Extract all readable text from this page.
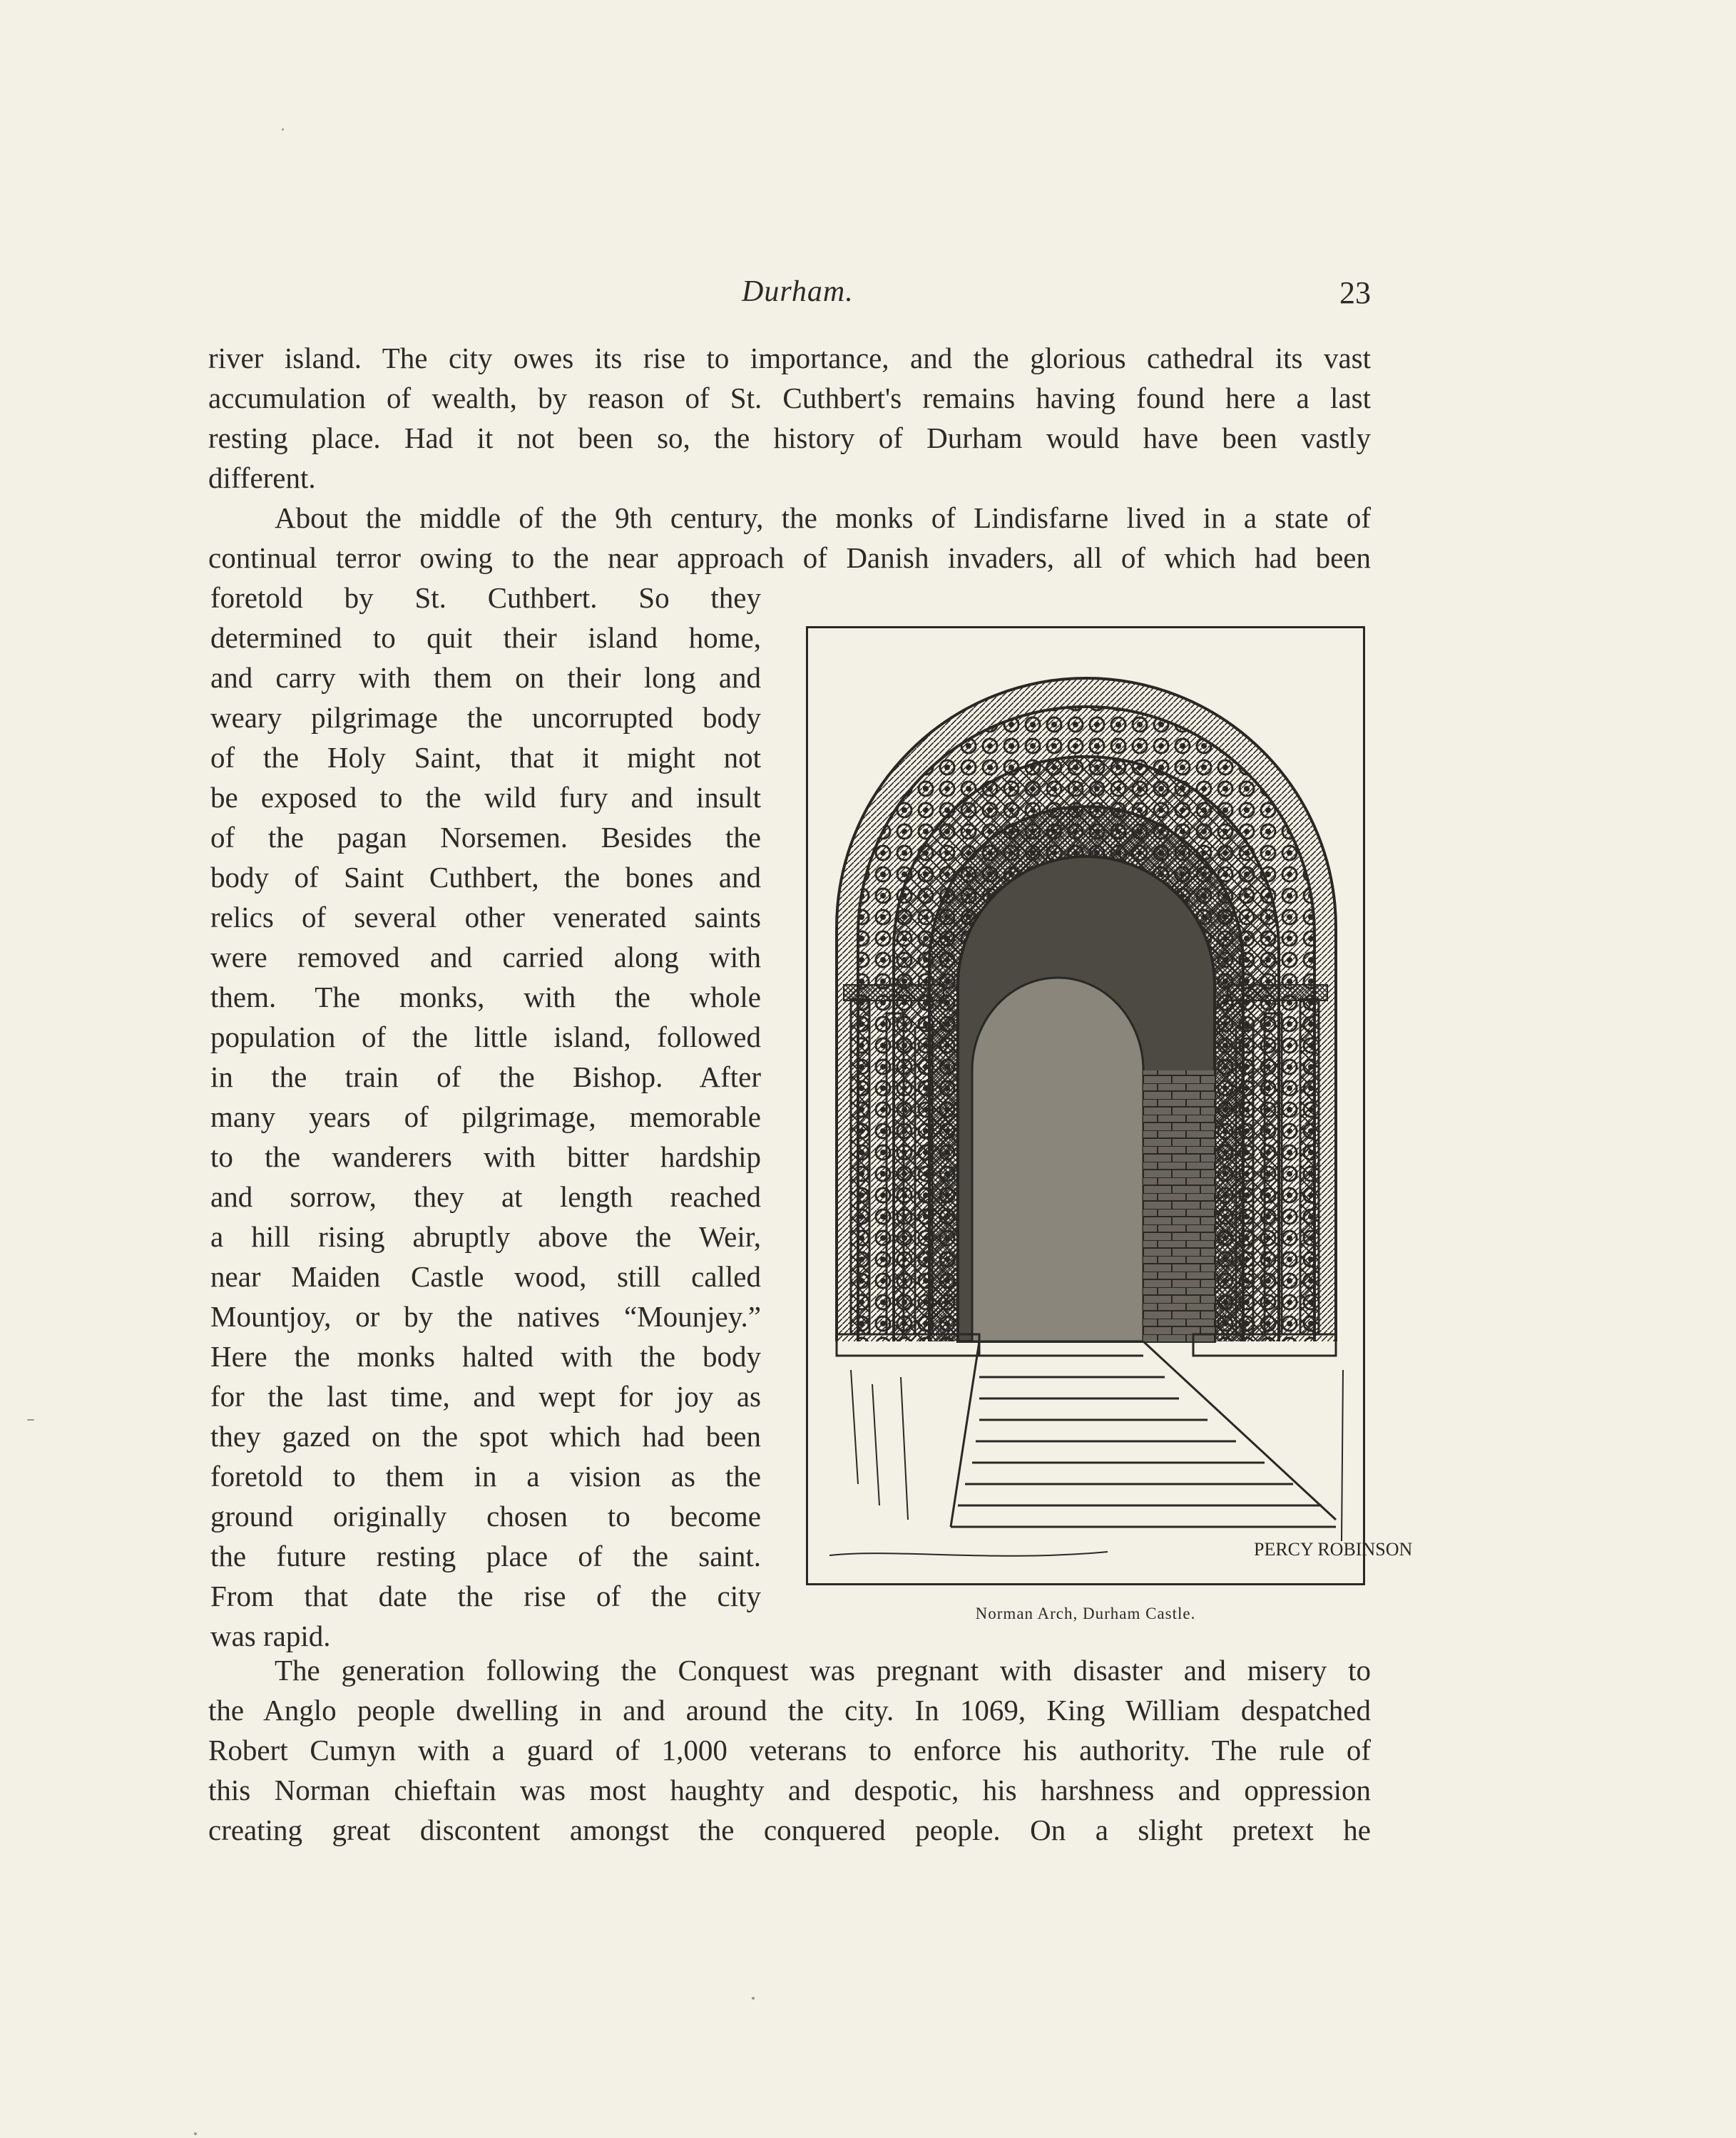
Durham.	23
river island. The city owes its rise to importance, and the glorious cathedral its vast
accumulation of wealth, by reason of St. Cuthbert's remains having found here a last
resting place. Had it not been so, the history of Durham would have been vastly
different.
About the middle of the 9th century, the monks of Lindisfarne lived in a state of
continual terror owing to the near approach of Danish invaders, all of which had been
foretold by St. Cuthbert. So they
determined to quit their island home,
and carry with them on their long and
weary pilgrimage the uncorrupted body
of the Holy Saint, that it might not
be exposed to the wild fury and insult
of the pagan Norsemen. Besides the
body of Saint Cuthbert, the bones and
relics of several other venerated saints
were removed and carried along with
them. The monks, with the whole
population of the little island, followed
in the train of the Bishop. After
many years of pilgrimage, memorable
to the wanderers with bitter hardship
and sorrow, they at length reached
a hill rising abruptly above the Weir,
near Maiden Castle wood, still called
Mountjoy, or by the natives “Mounjey.”
Here the monks halted with the body
for the last time, and wept for joy as
they gazed on the spot which had been
foretold to them in a vision as the
ground originally chosen to become
the future resting place of the saint.
From that date the rise of the city
was rapid.
The generation following the Conquest was pregnant with disaster and misery to
the Anglo people dwelling in and around the city. In 1069, King William despatched
Robert Cumyn with a guard of 1,000 veterans to enforce his authority. The rule of
this Norman chieftain was most haughty and despotic, his harshness and oppression
creating great discontent amongst the conquered people. On a slight pretext he
PERCY ROBINSON
Norman Arch, Durham Castle.
